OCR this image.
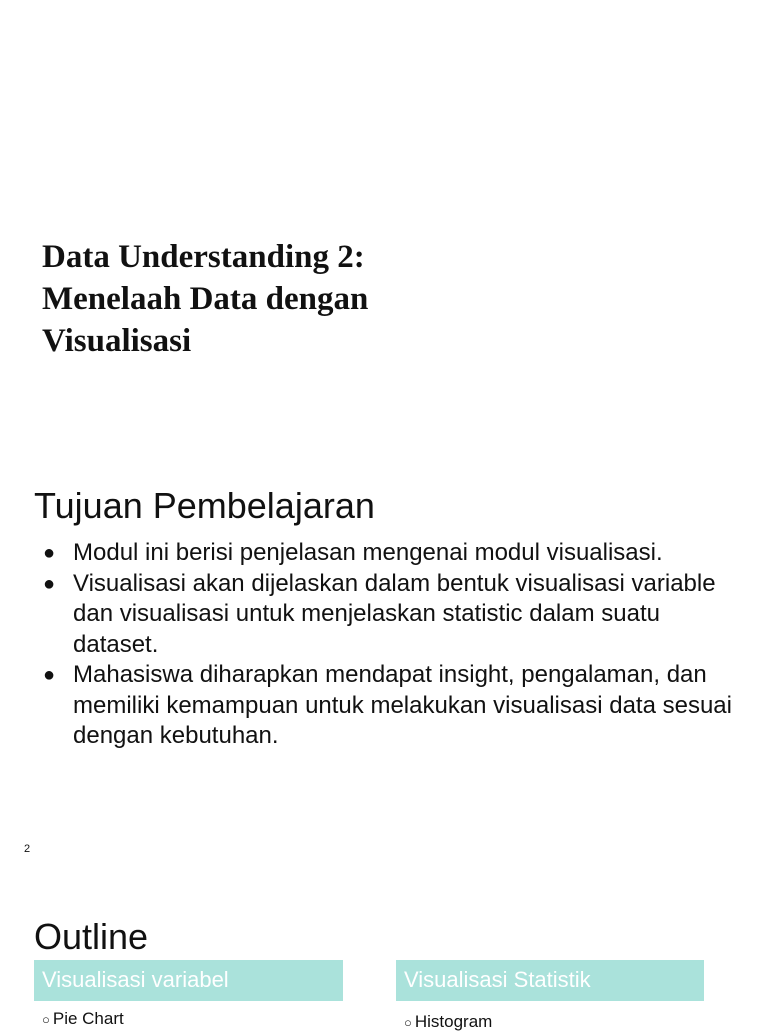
Data Understanding 2:
Menelaah Data dengan
Visualisasi
Tujuan Pembelajaran
● Modul ini berisi penjelasan mengenai modul visualisasi.
● Visualisasi akan dijelaskan dalam bentuk visualisasi variable dan visualisasi untuk menjelaskan statistic dalam suatu dataset.
● Mahasiswa diharapkan mendapat insight, pengalaman, dan memiliki kemampuan untuk melakukan visualisasi data sesuai dengan kebutuhan.
2
Outline
Visualisasi variabel	Visualisasi Statistik
○ Pie Chart	○ Histogram
